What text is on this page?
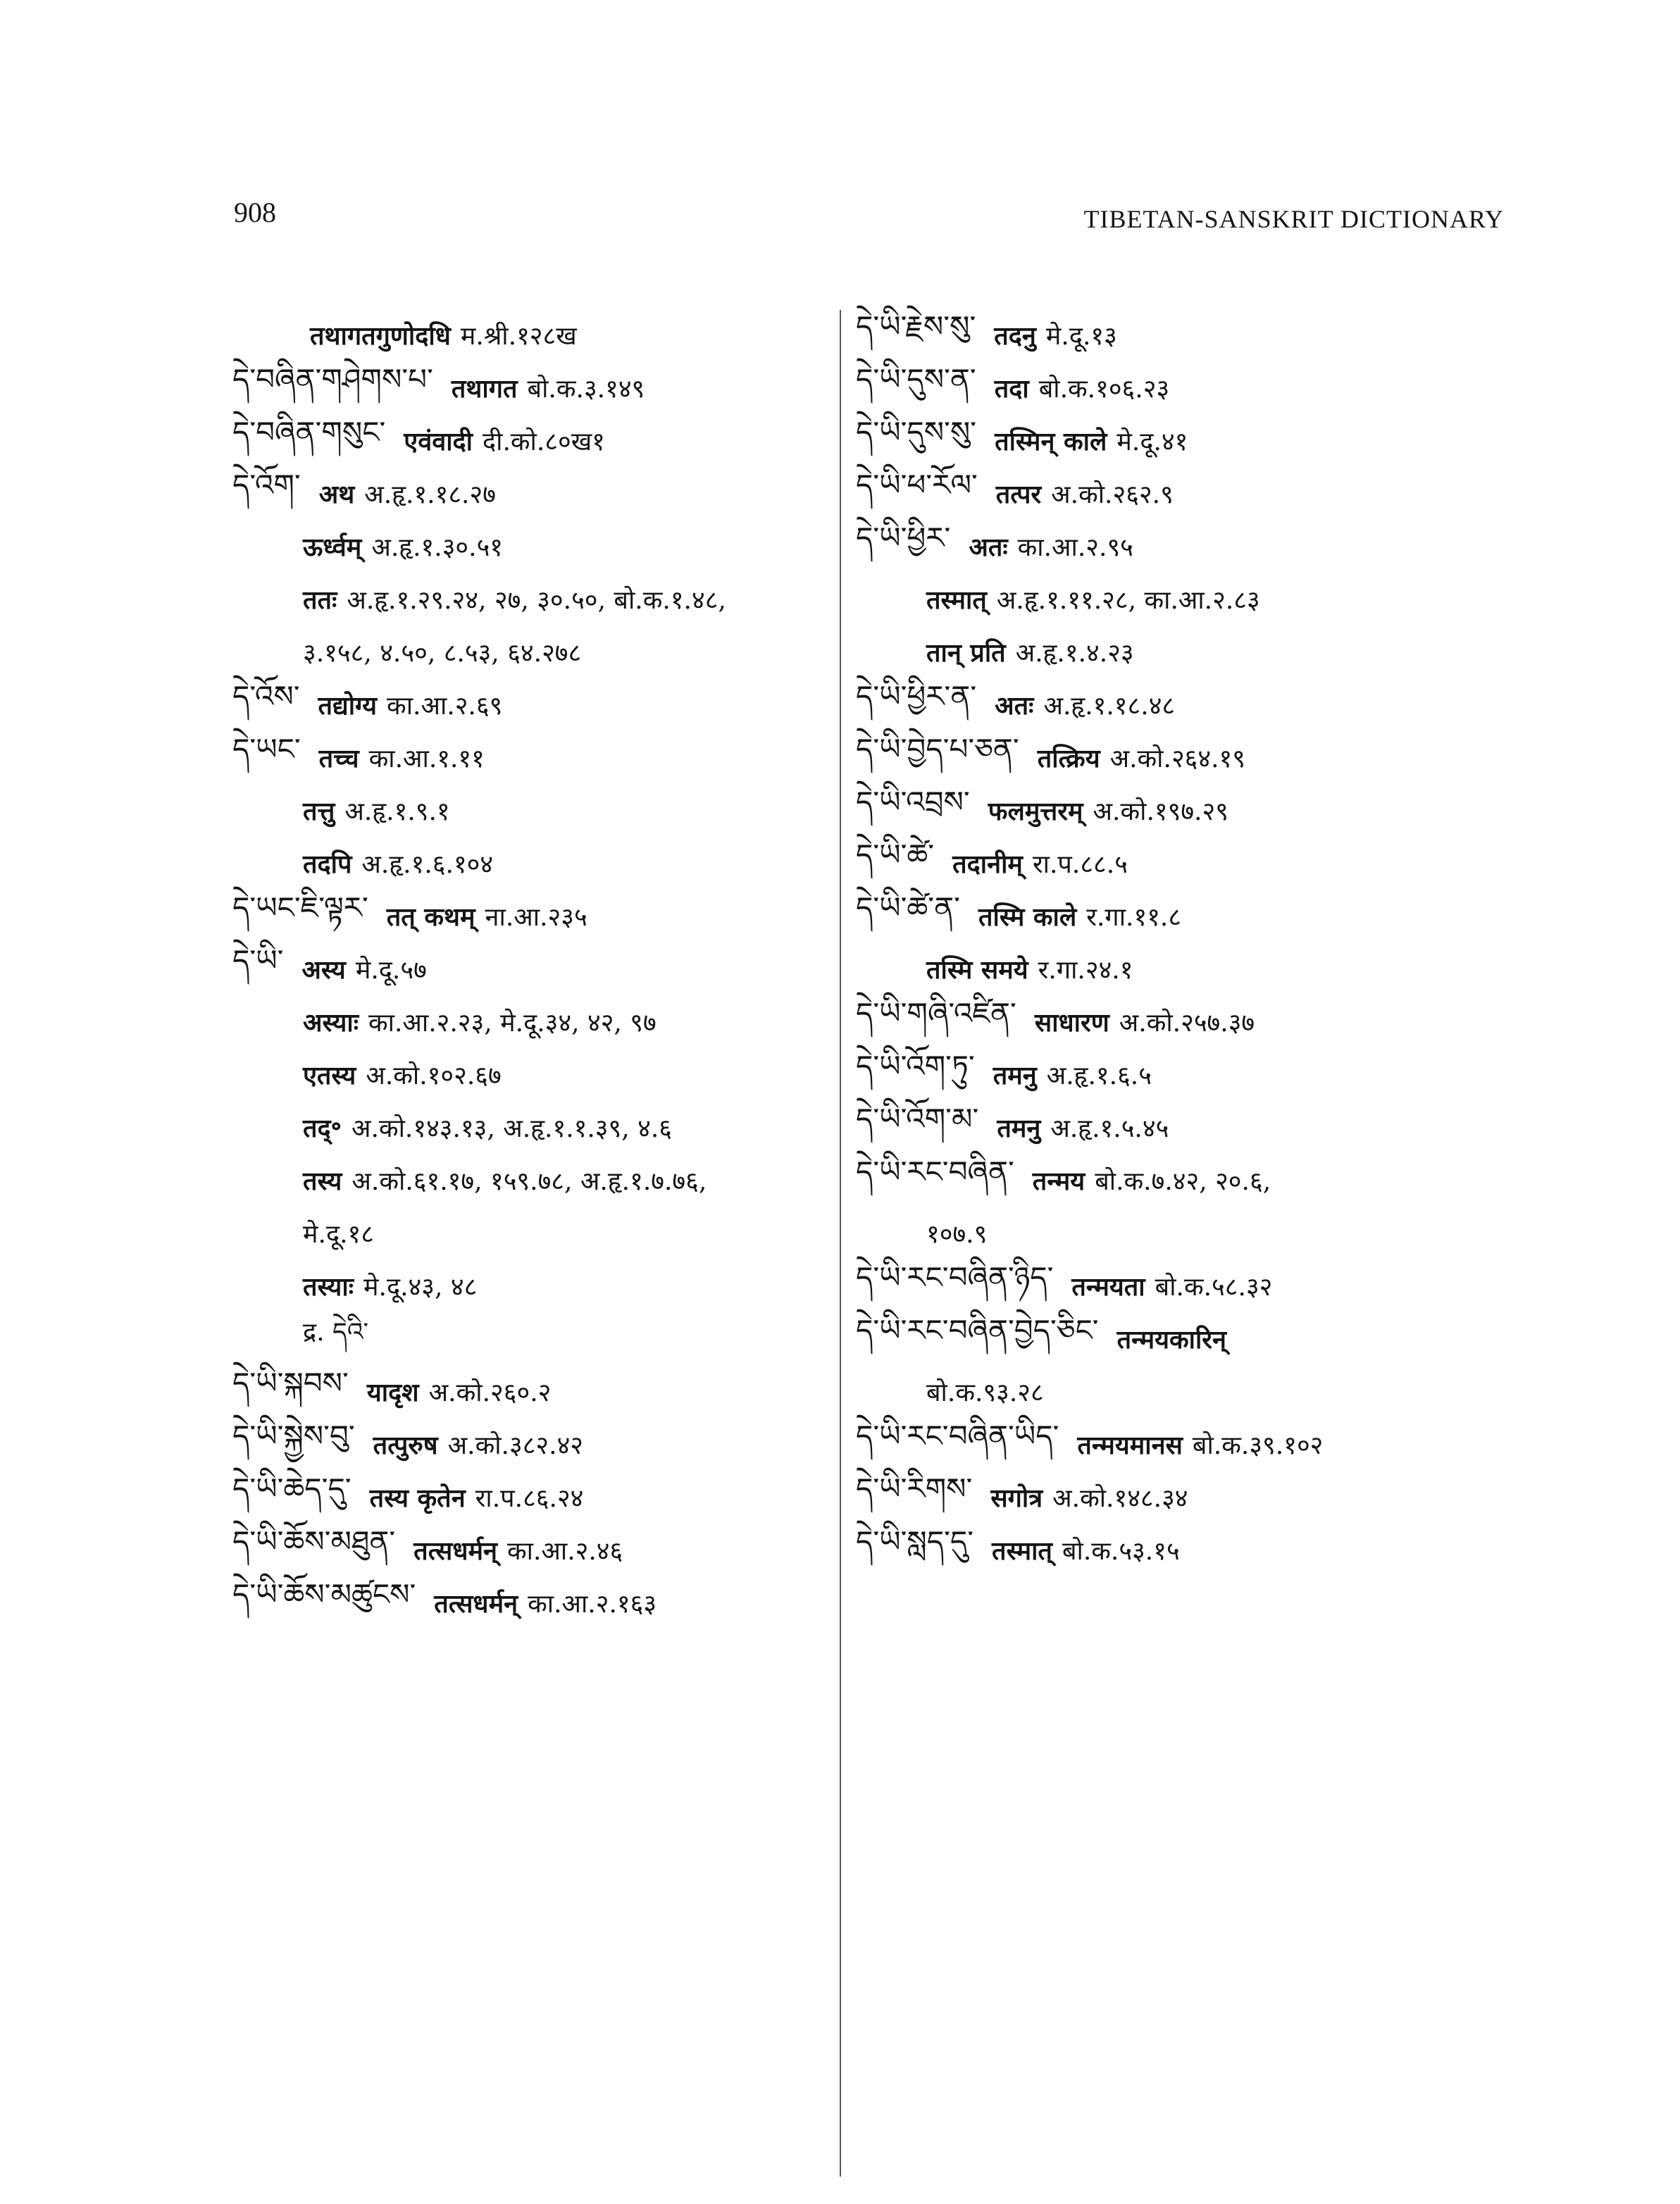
908	TIBETAN-SANSKRIT DICTIONARY
तथागतगुणोदधि म.श्री.१२८ख
དེ་བཞིན་གཤེགས་པ་ तथागत बो.क.३.१४९
དེ་བཞིན་གསུང་ एवंवादी दी.को.८०ख१
དེ་འོག་ अथ अ.हृ.१.१८.२७
ऊर्ध्वम् अ.हृ.१.३०.५१
ततः अ.हृ.१.२९.२४, २७, ३०.५०, बो.क.१.४८,
३.१५८, ४.५०, ८.५३, ६४.२७८
དེ་འོས་ तद्योग्य का.आ.२.६९
དེ་ཡང་ तच्च का.आ.१.११
तत्तु अ.हृ.१.९.१
तदपि अ.हृ.१.६.१०४
དེ་ཡང་ཇི་ལྟར་ तत् कथम् ना.आ.२३५
དེ་ཡི་ अस्य मे.दू.५७
अस्याः का.आ.२.२३, मे.दू.३४, ४२, ९७
एतस्य अ.को.१०२.६७
तद्॰ अ.को.१४३.१३, अ.हृ.१.१.३९, ४.६
तस्य अ.को.६१.१७, १५९.७८, अ.हृ.१.७.७६,
मे.दू.१८
तस्याः मे.दू.४३, ४८
द्र. དེའི་
དེ་ཡི་སྐབས་ यादृश अ.को.२६०.२
དེ་ཡི་སྐྱེས་བུ་ तत्पुरुष अ.को.३८२.४२
དེ་ཡི་ཆེད་དུ་ तस्य कृतेन रा.प.८६.२४
དེ་ཡི་ཆོས་མཐུན་ तत्सधर्मन् का.आ.२.४६
དེ་ཡི་ཆོས་མཚུངས་ तत्सधर्मन् का.आ.२.१६३
དེ་ཡི་རྗེས་སུ་ तदनु मे.दू.१३
དེ་ཡི་དུས་ན་ तदा बो.क.१०६.२३
དེ་ཡི་དུས་སུ་ तस्मिन् काले मे.दू.४१
དེ་ཡི་ཕ་རོལ་ तत्पर अ.को.२६२.९
དེ་ཡི་ཕྱིར་ अतः का.आ.२.९५
तस्मात् अ.हृ.१.११.२८, का.आ.२.८३
तान् प्रति अ.हृ.१.४.२३
དེ་ཡི་ཕྱིར་ན་ अतः अ.हृ.१.१८.४८
དེ་ཡི་བྱེད་པ་ཅན་ तत्क्रिय अ.को.२६४.१९
དེ་ཡི་འབྲས་ फलमुत्तरम् अ.को.१९७.२९
དེ་ཡི་ཚེ་ तदानीम् रा.प.८८.५
དེ་ཡི་ཚེ་ན་ तस्मि काले र.गा.११.८
तस्मि समये र.गा.२४.१
དེ་ཡི་གཞི་འཛིན་ साधारण अ.को.२५७.३७
དེ་ཡི་འོག་ཏུ་ तमनु अ.हृ.१.६.५
དེ་ཡི་འོག་མ་ तमनु अ.हृ.१.५.४५
དེ་ཡི་རང་བཞིན་ तन्मय बो.क.७.४२, २०.६,
१०७.९
དེ་ཡི་རང་བཞིན་ཉིད་ तन्मयता बो.क.५८.३२
དེ་ཡི་རང་བཞིན་བྱེད་ཅིང་ तन्मयकारिन्
बो.क.९३.२८
དེ་ཡི་རང་བཞིན་ཡིད་ तन्मयमानस बो.क.३९.१०२
དེ་ཡི་རིགས་ सगोत्र अ.को.१४८.३४
དེ་ཡི་སླད་དུ་ तस्मात् बो.क.५३.१५
